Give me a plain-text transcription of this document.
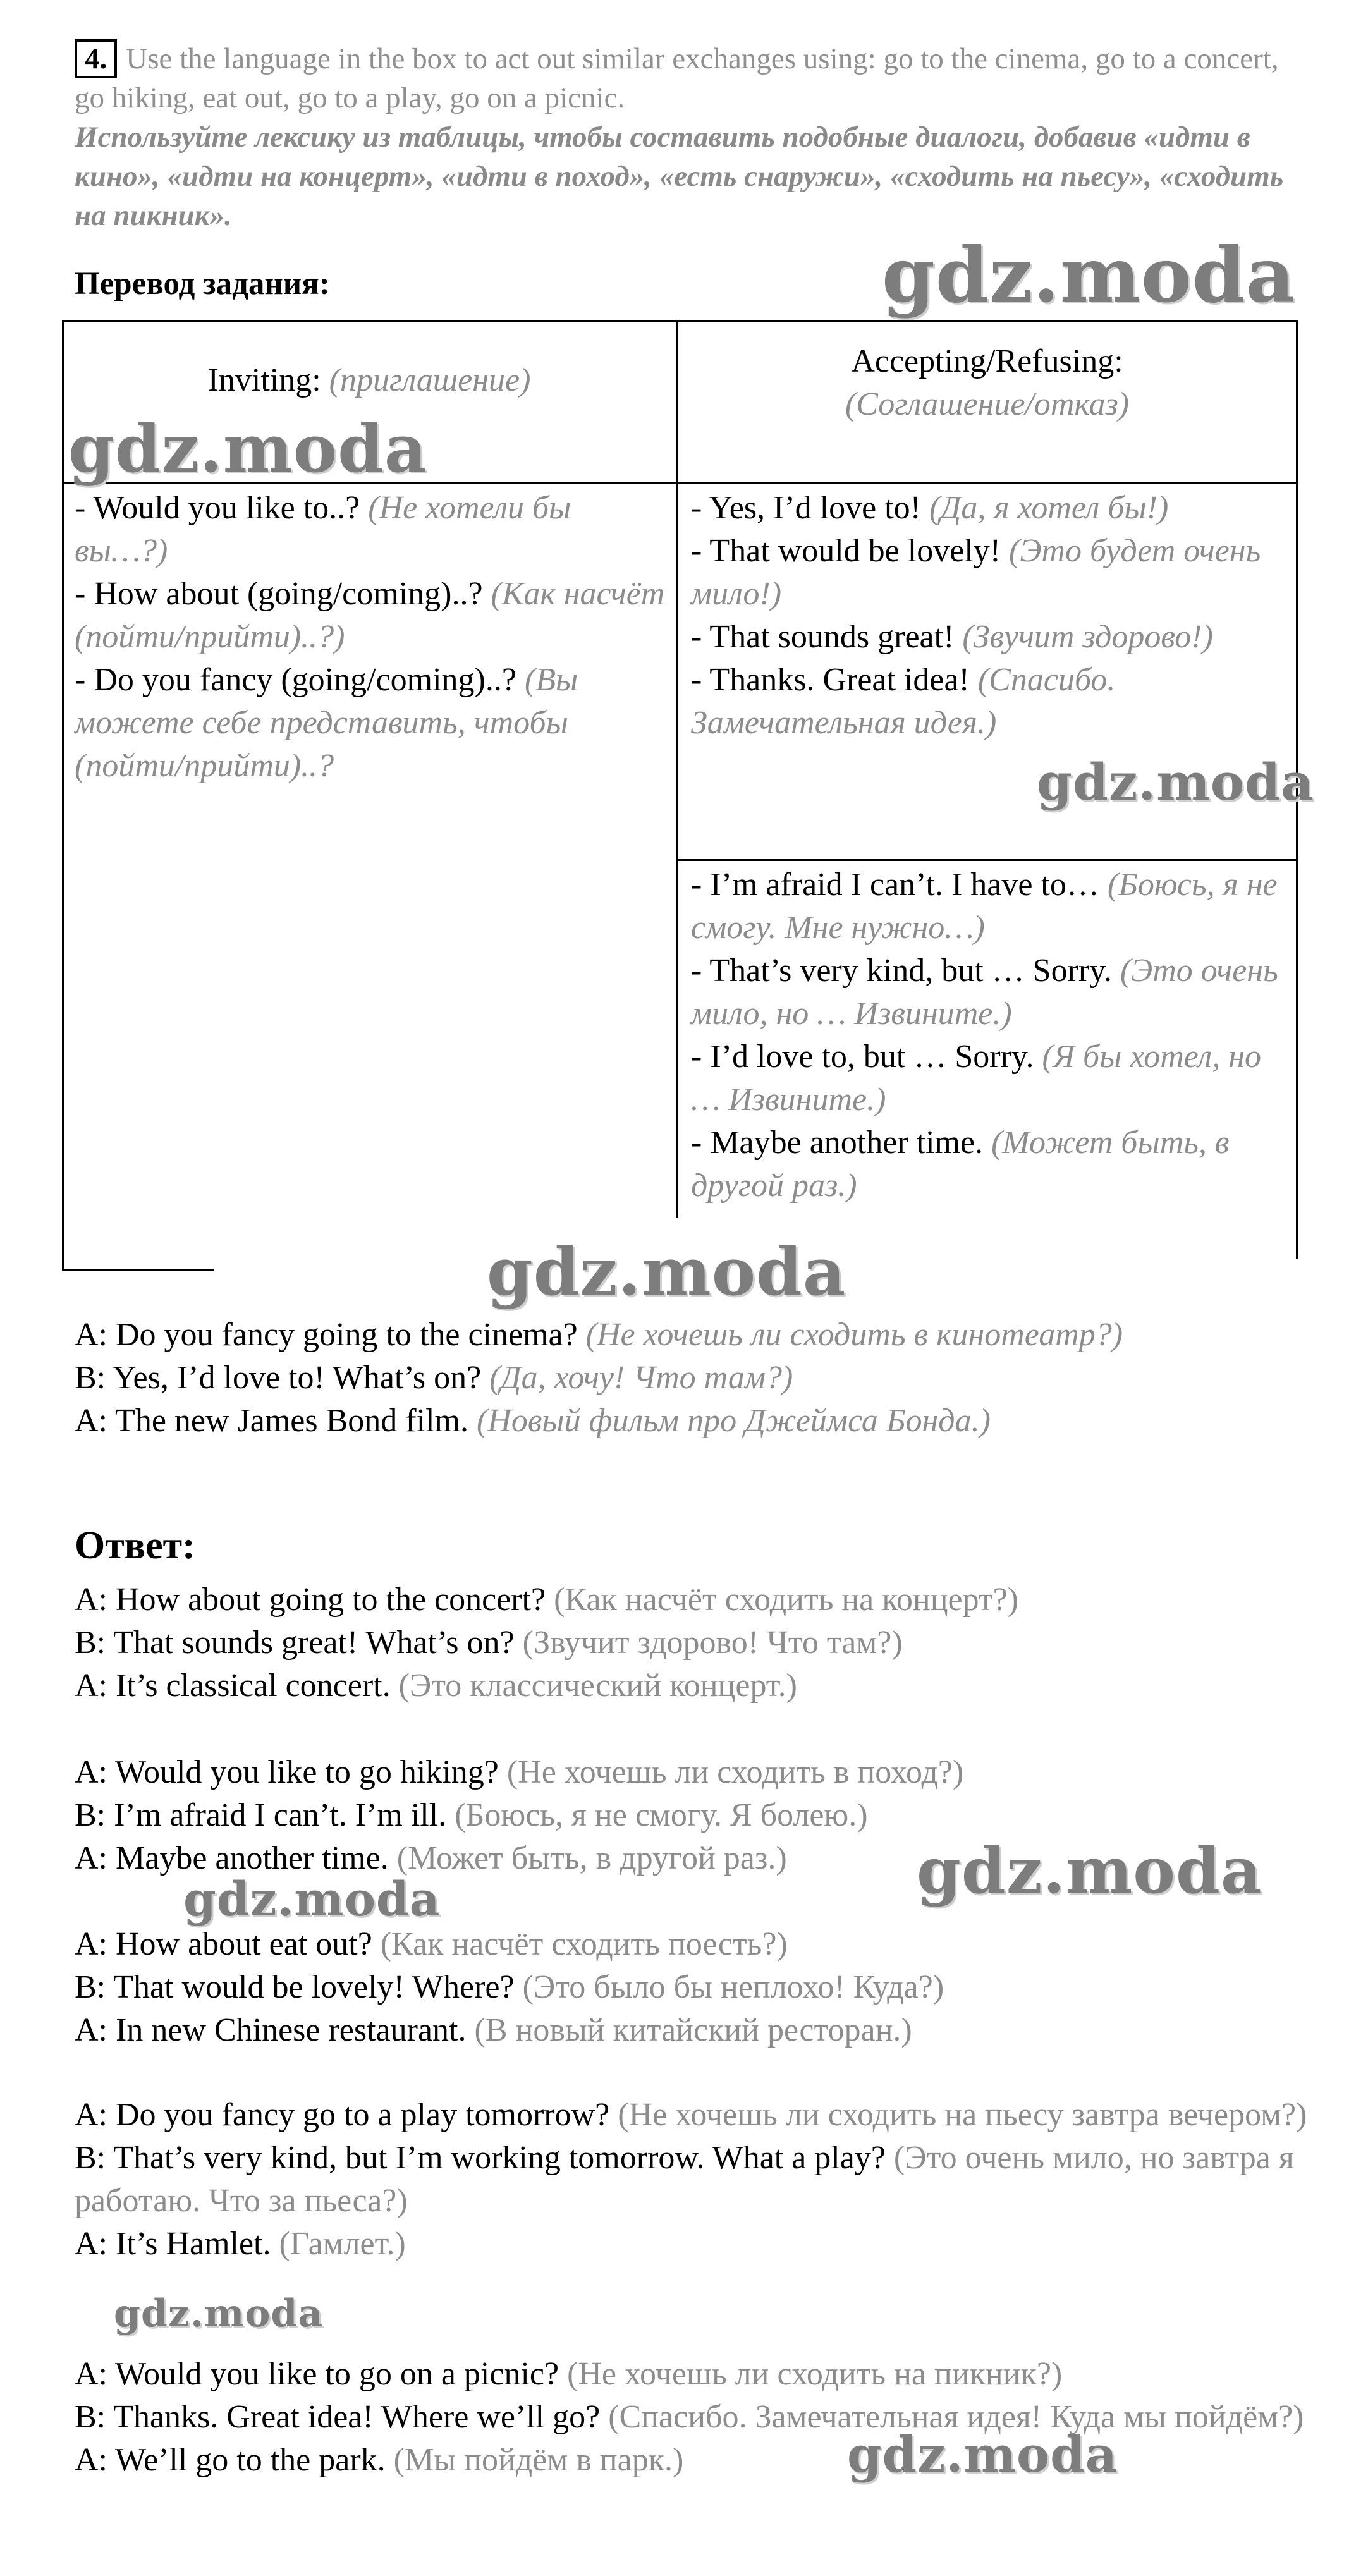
4. Use the language in the box to act out similar exchanges using: go to the cinema, go to a concert, go hiking, eat out, go to a play, go on a picnic.
Используйте лексику из таблицы, чтобы составить подобные диалоги, добавив «идти в кино», «идти на концерт», «идти в поход», «есть снаружи», «сходить на пьесу», «сходить на пикник».
Перевод задания:
Inviting: (приглашение)
Accepting/Refusing:
(Соглашение/отказ)
- Would you like to..? (Не хотели бы вы…?)
- How about (going/coming)..? (Как насчёт (пойти/прийти)..?)
- Do you fancy (going/coming)..? (Вы можете себе представить, чтобы (пойти/прийти)..?
- Yes, I’d love to! (Да, я хотел бы!)
- That would be lovely! (Это будет очень мило!)
- That sounds great! (Звучит здорово!)
- Thanks. Great idea! (Спасибо. Замечательная идея.)
- I’m afraid I can’t. I have to… (Боюсь, я не смогу. Мне нужно…)
- That’s very kind, but … Sorry. (Это очень мило, но … Извините.)
- I’d love to, but … Sorry. (Я бы хотел, но … Извините.)
- Maybe another time. (Может быть, в другой раз.)
A: Do you fancy going to the cinema? (Не хочешь ли сходить в кинотеатр?)
B: Yes, I’d love to! What’s on? (Да, хочу! Что там?)
A: The new James Bond film. (Новый фильм про Джеймса Бонда.)
Ответ:
A: How about going to the concert? (Как насчёт сходить на концерт?)
B: That sounds great! What’s on? (Звучит здорово! Что там?)
A: It’s classical concert. (Это классический концерт.)
A: Would you like to go hiking? (Не хочешь ли сходить в поход?)
B: I’m afraid I can’t. I’m ill. (Боюсь, я не смогу. Я болею.)
A: Maybe another time. (Может быть, в другой раз.)
A: How about eat out? (Как насчёт сходить поесть?)
B: That would be lovely! Where? (Это было бы неплохо! Куда?)
A: In new Chinese restaurant. (В новый китайский ресторан.)
A: Do you fancy go to a play tomorrow? (Не хочешь ли сходить на пьесу завтра вечером?)
B: That’s very kind, but I’m working tomorrow. What a play? (Это очень мило, но завтра я работаю. Что за пьеса?)
A: It’s Hamlet. (Гамлет.)
A: Would you like to go on a picnic? (Не хочешь ли сходить на пикник?)
B: Thanks. Great idea! Where we’ll go? (Спасибо. Замечательная идея! Куда мы пойдём?)
A: We’ll go to the park. (Мы пойдём в парк.)
gdz.moda
gdz.moda
gdz.moda
gdz.moda
gdz.moda
gdz.moda
gdz.moda
gdz.moda
